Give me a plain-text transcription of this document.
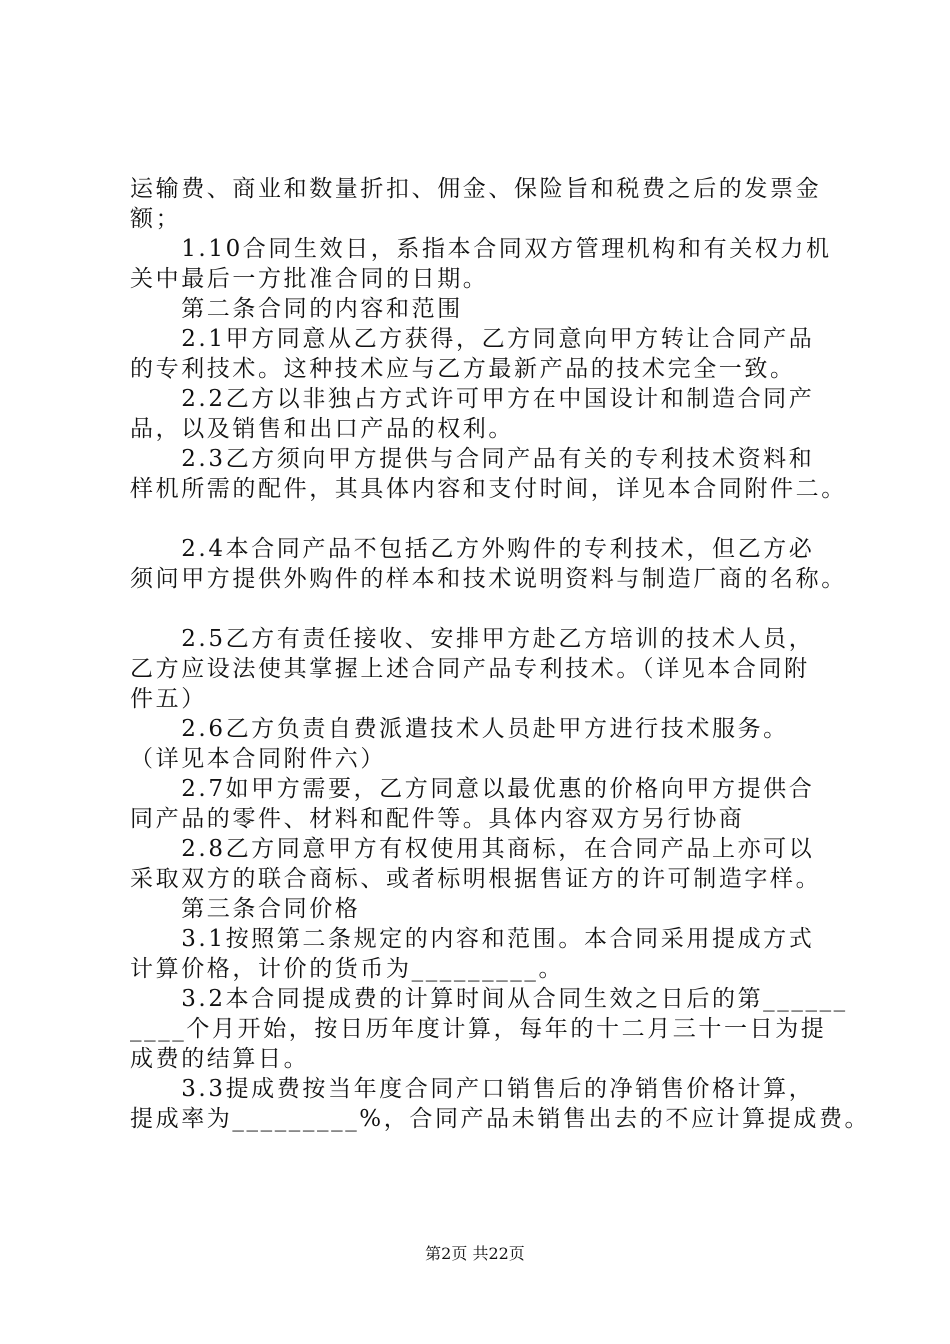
运输费、商业和数量折扣、佣金、保险旨和税费之后的发票金
额；
　　1.10合同生效日，系指本合同双方管理机构和有关权力机
关中最后一方批准合同的日期。
　　第二条合同的内容和范围
　　2.1甲方同意从乙方获得，乙方同意向甲方转让合同产品
的专利技术。这种技术应与乙方最新产品的技术完全一致。
　　2.2乙方以非独占方式许可甲方在中国设计和制造合同产
品，以及销售和出口产品的权利。
　　2.3乙方须向甲方提供与合同产品有关的专利技术资料和
样机所需的配件，其具体内容和支付时间，详见本合同附件二。
　　2.4本合同产品不包括乙方外购件的专利技术，但乙方必
须问甲方提供外购件的样本和技术说明资料与制造厂商的名称。
　　2.5乙方有责任接收、安排甲方赴乙方培训的技术人员，
乙方应设法使其掌握上述合同产品专利技术。（详见本合同附
件五）
　　2.6乙方负责自费派遣技术人员赴甲方进行技术服务。
（详见本合同附件六）
　　2.7如甲方需要，乙方同意以最优惠的价格向甲方提供合
同产品的零件、材料和配件等。具体内容双方另行协商
　　2.8乙方同意甲方有权使用其商标，在合同产品上亦可以
采取双方的联合商标、或者标明根据售证方的许可制造字样。
　　第三条合同价格
　　3.1按照第二条规定的内容和范围。本合同采用提成方式
计算价格，计价的货币为_________。
　　3.2本合同提成费的计算时间从合同生效之日后的第______
____个月开始，按日历年度计算，每年的十二月三十一日为提
成费的结算日。
　　3.3提成费按当年度合同产口销售后的净销售价格计算，
提成率为_________%，合同产品未销售出去的不应计算提成费。
第2页 共22页
